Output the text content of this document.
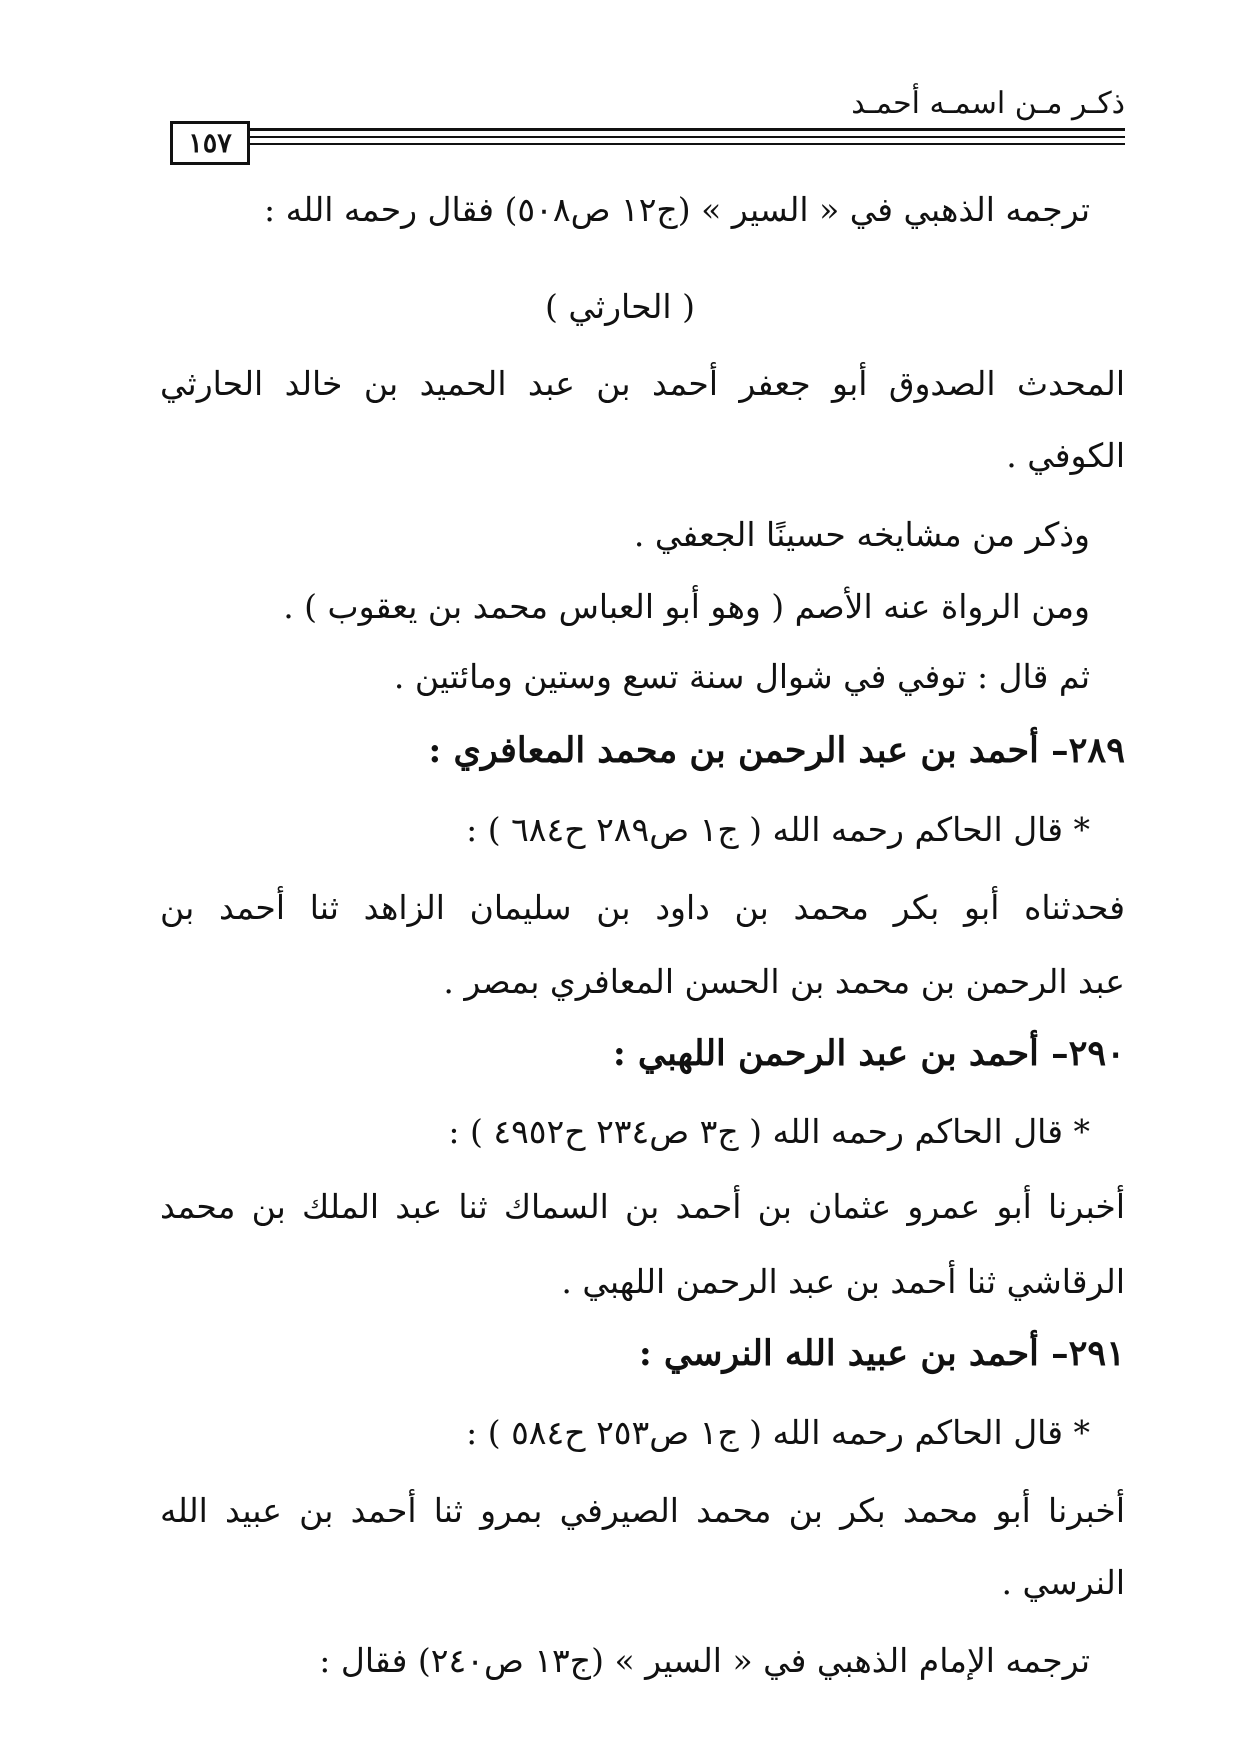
ذكـر مـن اسمـه أحمـد
١٥٧
ترجمه الذهبي في « السير » (ج١٢ ص٥٠٨) فقال رحمه الله :
( الحارثي )
المحدث الصدوق أبو جعفر أحمد بن عبد الحميد بن خالد الحارثي
الكوفي .
وذكر من مشايخه حسينًا الجعفي .
ومن الرواة عنه الأصم ( وهو أبو العباس محمد بن يعقوب ) .
ثم قال : توفي في شوال سنة تسع وستين ومائتين .
٢٨٩– أحمد بن عبد الرحمن بن محمد المعافري :
* قال الحاكم رحمه الله ( ج١ ص٢٨٩ ح٦٨٤ ) :
فحدثناه أبو بكر محمد بن داود بن سليمان الزاهد ثنا أحمد بن
عبد الرحمن بن محمد بن الحسن المعافري بمصر .
٢٩٠– أحمد بن عبد الرحمن اللهبي :
* قال الحاكم رحمه الله ( ج٣ ص٢٣٤ ح٤٩٥٢ ) :
أخبرنا أبو عمرو عثمان بن أحمد بن السماك ثنا عبد الملك بن محمد
الرقاشي ثنا أحمد بن عبد الرحمن اللهبي .
٢٩١– أحمد بن عبيد الله النرسي :
* قال الحاكم رحمه الله ( ج١ ص٢٥٣ ح٥٨٤ ) :
أخبرنا أبو محمد بكر بن محمد الصيرفي بمرو ثنا أحمد بن عبيد الله
النرسي .
ترجمه الإمام الذهبي في « السير » (ج١٣ ص٢٤٠) فقال :
